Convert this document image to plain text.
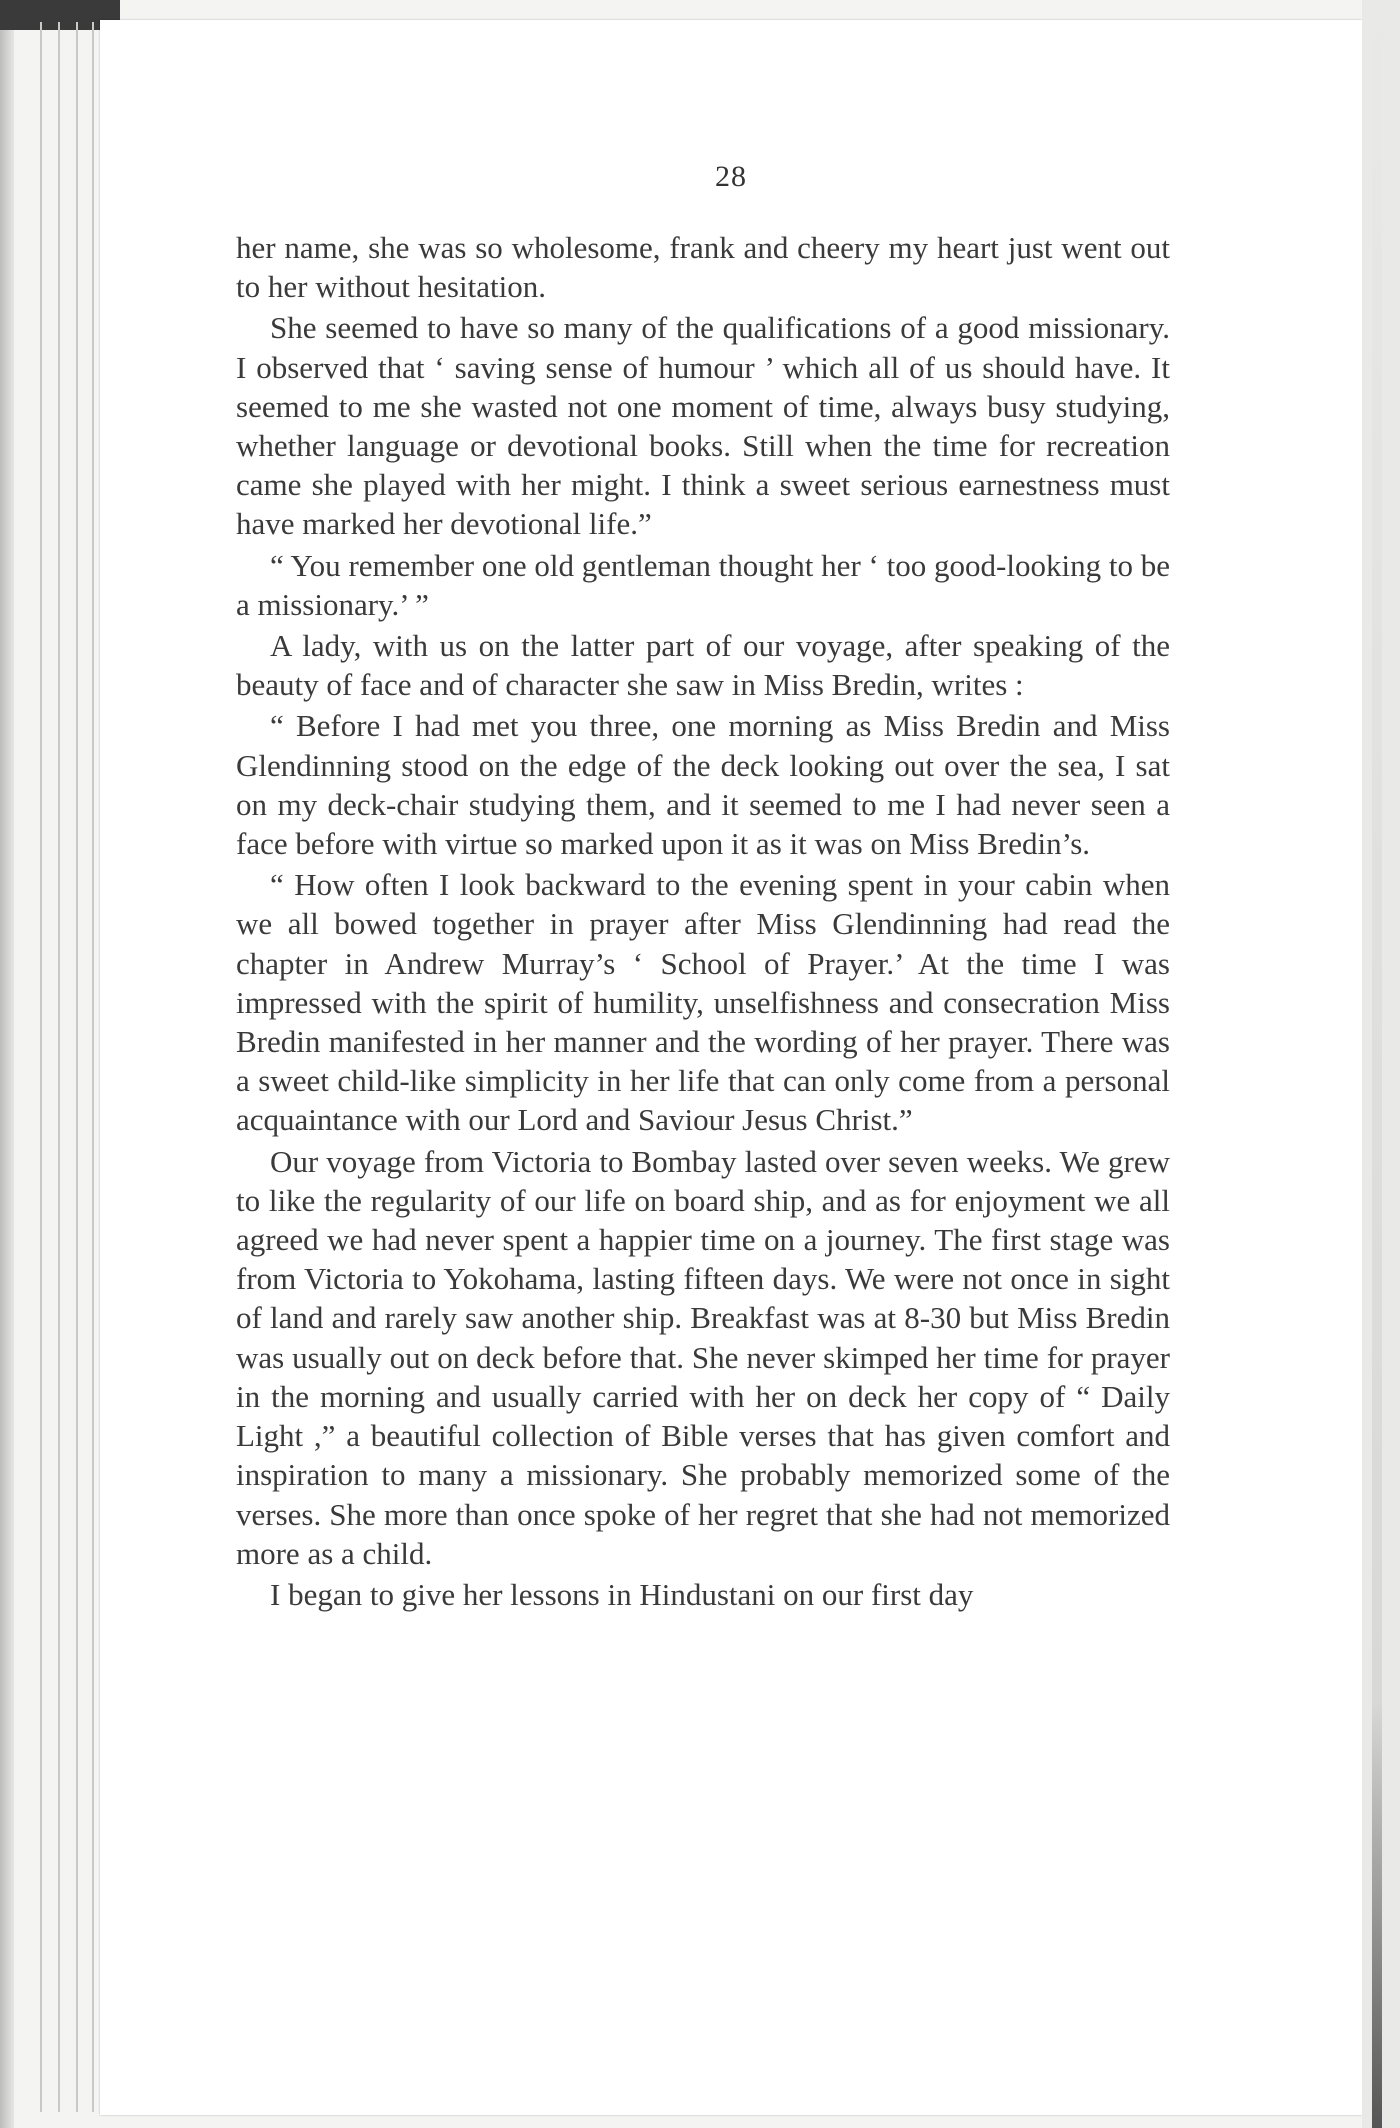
28

her name, she was so wholesome, frank and cheery my heart just went out to her without hesitation.

She seemed to have so many of the qualifications of a good missionary. I observed that ‘ saving sense of humour ’ which all of us should have. It seemed to me she wasted not one moment of time, always busy studying, whether language or devotional books. Still when the time for recreation came she played with her might. I think a sweet serious earnestness must have marked her devotional life.”

“ You remember one old gentleman thought her ‘ too good-looking to be a missionary.’ ”

A lady, with us on the latter part of our voyage, after speaking of the beauty of face and of character she saw in Miss Bredin, writes :

“ Before I had met you three, one morning as Miss Bredin and Miss Glendinning stood on the edge of the deck looking out over the sea, I sat on my deck-chair studying them, and it seemed to me I had never seen a face before with virtue so marked upon it as it was on Miss Bredin’s.

“ How often I look backward to the evening spent in your cabin when we all bowed together in prayer after Miss Glendinning had read the chapter in Andrew Murray’s ‘ School of Prayer.’ At the time I was impressed with the spirit of humility, unselfishness and consecration Miss Bredin manifested in her manner and the wording of her prayer. There was a sweet child-like simplicity in her life that can only come from a personal acquaintance with our Lord and Saviour Jesus Christ.”

Our voyage from Victoria to Bombay lasted over seven weeks. We grew to like the regularity of our life on board ship, and as for enjoyment we all agreed we had never spent a happier time on a journey. The first stage was from Victoria to Yokohama, lasting fifteen days. We were not once in sight of land and rarely saw another ship. Breakfast was at 8-30 but Miss Bredin was usually out on deck before that. She never skimped her time for prayer in the morning and usually carried with her on deck her copy of “ Daily Light ,” a beautiful collection of Bible verses that has given comfort and inspiration to many a missionary. She probably memorized some of the verses. She more than once spoke of her regret that she had not memorized more as a child.

I began to give her lessons in Hindustani on our first day
